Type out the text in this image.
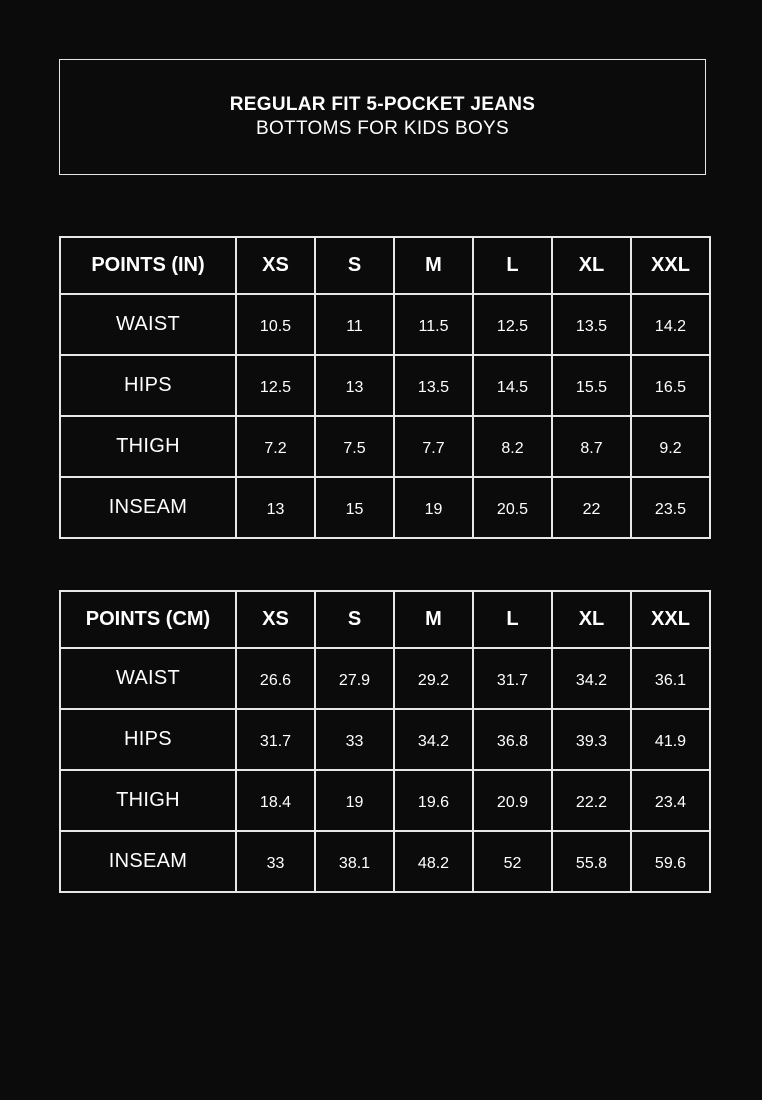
REGULAR FIT 5-POCKET JEANS
BOTTOMS FOR KIDS BOYS
POINTS (IN)	XS	S	M	L	XL	XXL
WAIST	10.5	11	11.5	12.5	13.5	14.2
HIPS	12.5	13	13.5	14.5	15.5	16.5
THIGH	7.2	7.5	7.7	8.2	8.7	9.2
INSEAM	13	15	19	20.5	22	23.5
POINTS (CM)	XS	S	M	L	XL	XXL
WAIST	26.6	27.9	29.2	31.7	34.2	36.1
HIPS	31.7	33	34.2	36.8	39.3	41.9
THIGH	18.4	19	19.6	20.9	22.2	23.4
INSEAM	33	38.1	48.2	52	55.8	59.6
